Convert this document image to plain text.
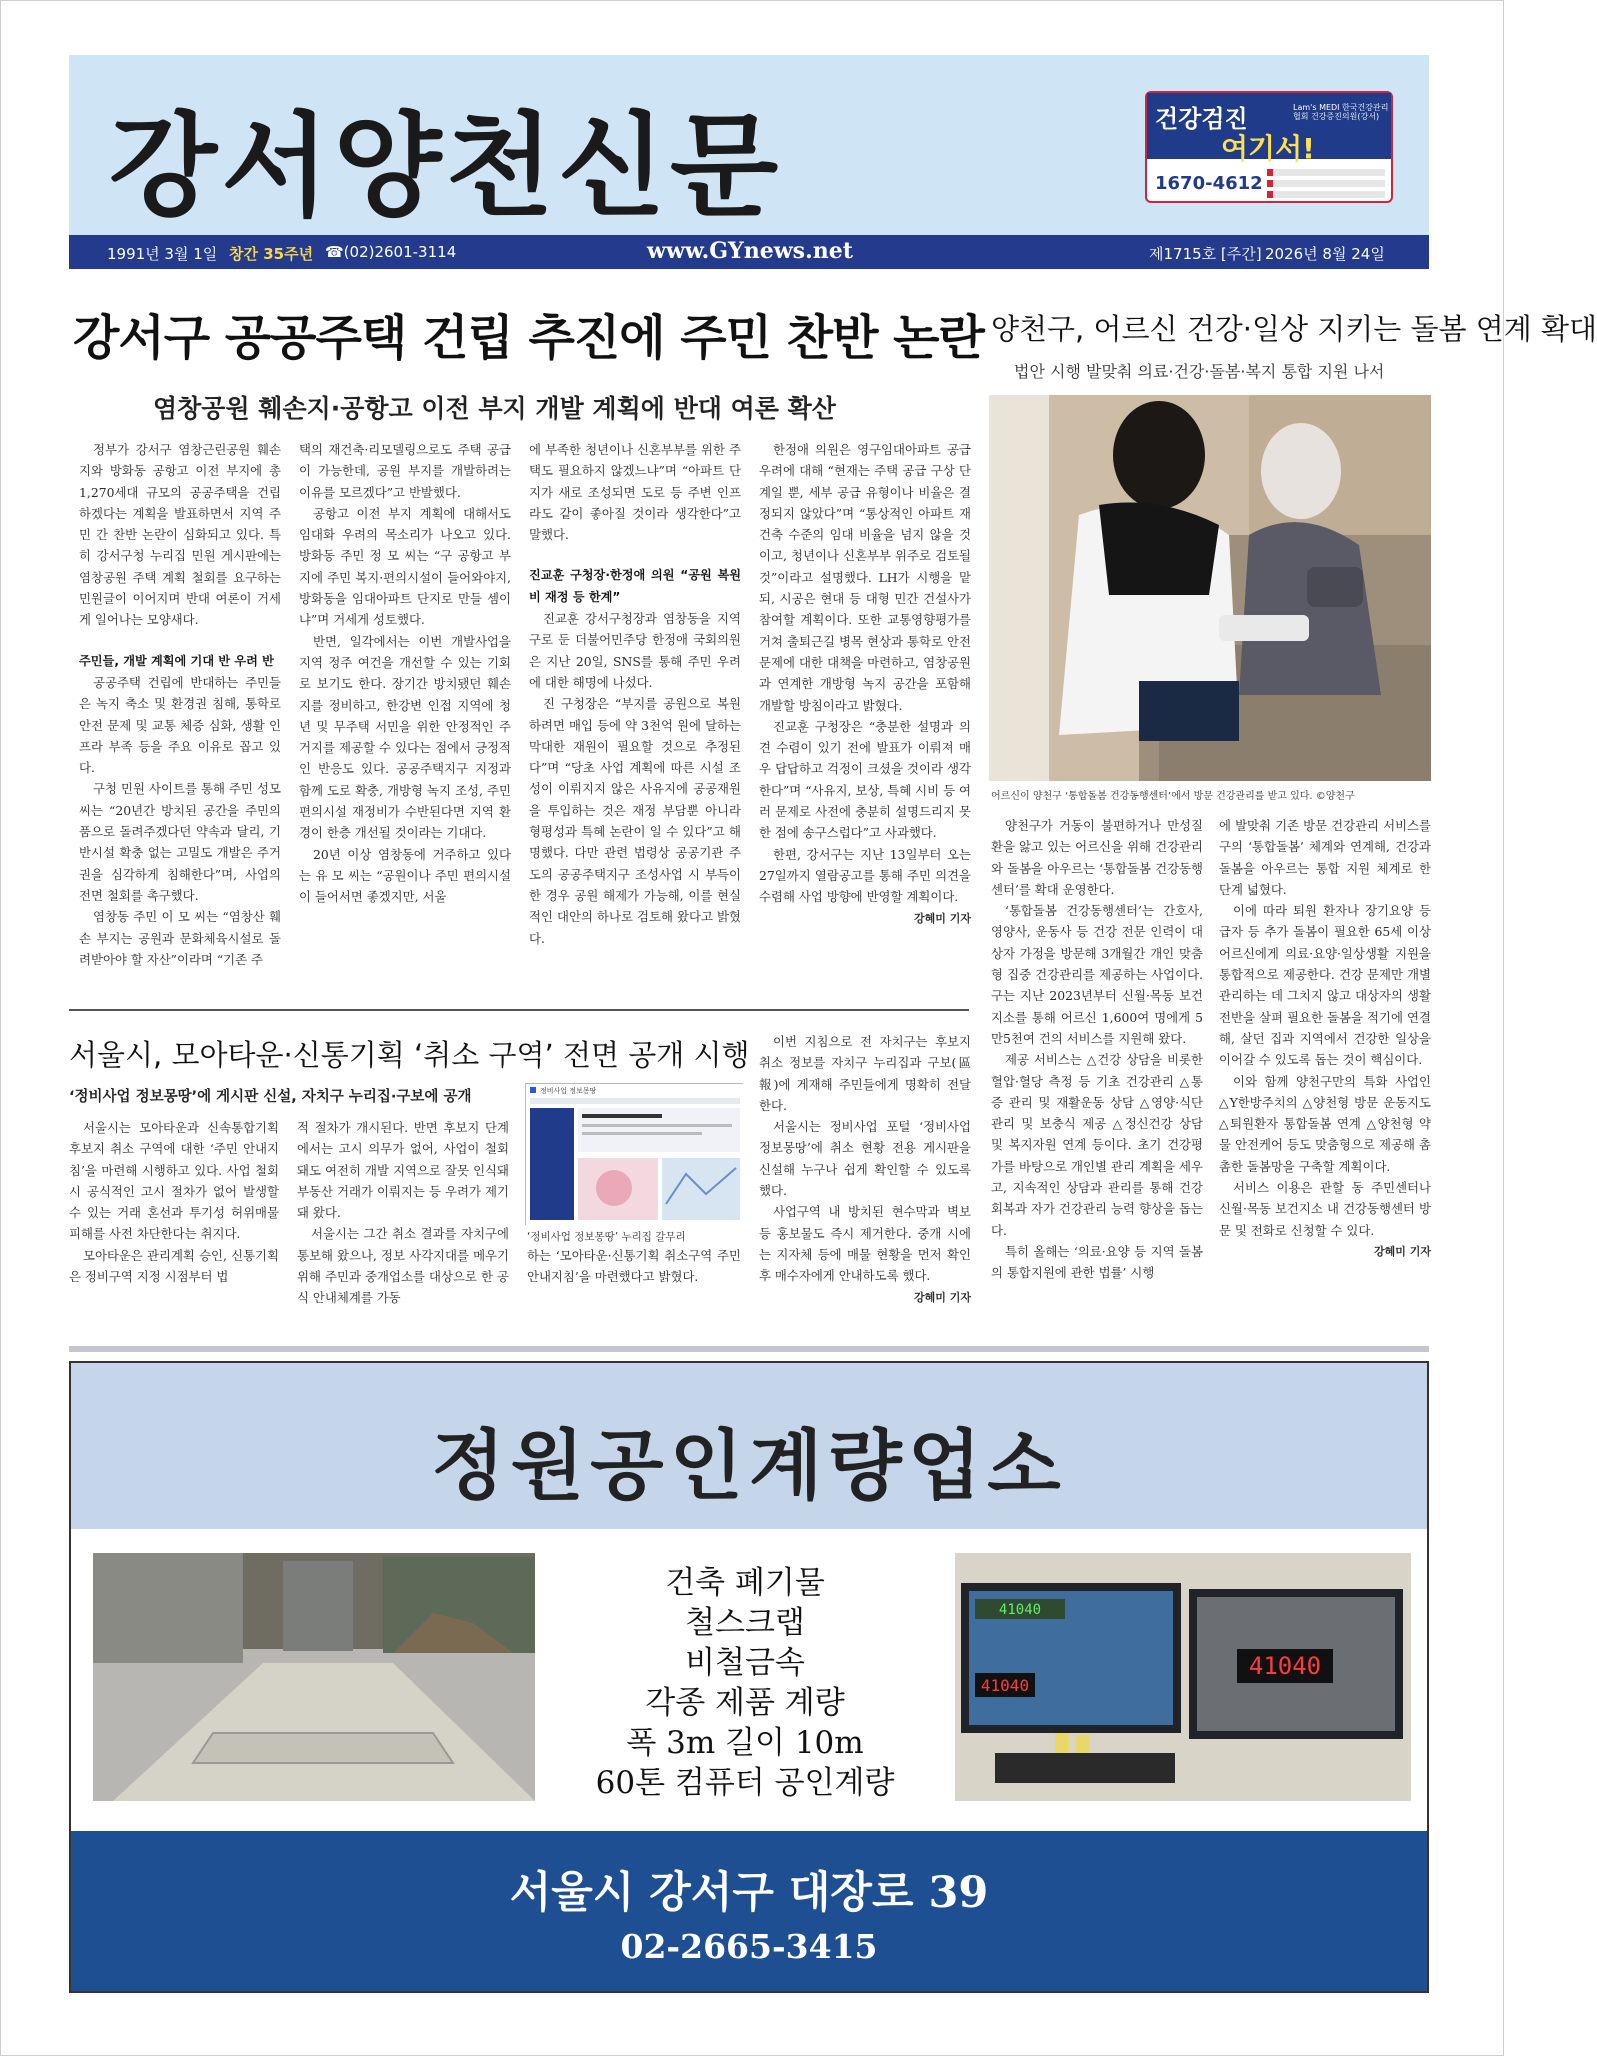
강서양천신문	건강검진
여기서!
Lam's MEDI 한국건강관리협회 건강증진의원(강서)
1670-4612
1991년 3월 1일 창간 35주년 ☎(02)2601-3114	www.GYnews.net	제1715호 [주간] 2026년 8월 24일
강서구 공공주택 건립 추진에 주민 찬반 논란
염창공원 훼손지·공항고 이전 부지 개발 계획에 반대 여론 확산

정부가 강서구 염창근린공원 훼손지와 방화동 공항고 이전 부지에 총 1,270세대 규모의 공공주택을 건립하겠다는 계획을 발표하면서 지역 주민 간 찬반 논란이 심화되고 있다. 특히 강서구청 누리집 민원 게시판에는 염창공원 주택 계획 철회를 요구하는 민원글이 이어지며 반대 여론이 거세게 일어나는 모양새다.

주민들, 개발 계획에 기대 반 우려 반

공공주택 건립에 반대하는 주민들은 녹지 축소 및 환경권 침해, 통학로 안전 문제 및 교통 체증 심화, 생활 인프라 부족 등을 주요 이유로 꼽고 있다.

구청 민원 사이트를 통해 주민 성모 씨는 “20년간 방치된 공간을 주민의 품으로 돌려주겠다던 약속과 달리, 기반시설 확충 없는 고밀도 개발은 주거권을 심각하게 침해한다”며, 사업의 전면 철회를 촉구했다.

염창동 주민 이 모 씨는 “염창산 훼손 부지는 공원과 문화체육시설로 돌려받아야 할 자산”이라며 “기존 주

택의 재건축·리모델링으로도 주택 공급이 가능한데, 공원 부지를 개발하려는 이유를 모르겠다”고 반발했다.

공항고 이전 부지 계획에 대해서도 임대화 우려의 목소리가 나오고 있다. 방화동 주민 정 모 씨는 “구 공항고 부지에 주민 복지·편의시설이 들어와야지, 방화동을 임대아파트 단지로 만들 셈이냐”며 거세게 성토했다.

반면, 일각에서는 이번 개발사업을 지역 정주 여건을 개선할 수 있는 기회로 보기도 한다. 장기간 방치됐던 훼손지를 정비하고, 한강변 인접 지역에 청년 및 무주택 서민을 위한 안정적인 주거지를 제공할 수 있다는 점에서 긍정적인 반응도 있다. 공공주택지구 지정과 함께 도로 확충, 개방형 녹지 조성, 주민 편의시설 재정비가 수반된다면 지역 환경이 한층 개선될 것이라는 기대다.

20년 이상 염창동에 거주하고 있다는 유 모 씨는 “공원이나 주민 편의시설이 들어서면 좋겠지만, 서울

에 부족한 청년이나 신혼부부를 위한 주택도 필요하지 않겠느냐”며 “아파트 단지가 새로 조성되면 도로 등 주변 인프라도 같이 좋아질 것이라 생각한다”고 말했다.

진교훈 구청장·한정애 의원 “공원 복원비 재정 등 한계”

진교훈 강서구청장과 염창동을 지역구로 둔 더불어민주당 한정애 국회의원은 지난 20일, SNS를 통해 주민 우려에 대한 해명에 나섰다.

진 구청장은 “부지를 공원으로 복원하려면 매입 등에 약 3천억 원에 달하는 막대한 재원이 필요할 것으로 추정된다”며 “당초 사업 계획에 따른 시설 조성이 이뤄지지 않은 사유지에 공공재원을 투입하는 것은 재정 부담뿐 아니라 형평성과 특혜 논란이 일 수 있다”고 해명했다. 다만 관련 법령상 공공기관 주도의 공공주택지구 조성사업 시 부득이한 경우 공원 해제가 가능해, 이를 현실적인 대안의 하나로 검토해 왔다고 밝혔다.

한정애 의원은 영구임대아파트 공급 우려에 대해 “현재는 주택 공급 구상 단계일 뿐, 세부 공급 유형이나 비율은 결정되지 않았다”며 “통상적인 아파트 재건축 수준의 임대 비율을 넘지 않을 것이고, 청년이나 신혼부부 위주로 검토될 것”이라고 설명했다. LH가 시행을 맡되, 시공은 현대 등 대형 민간 건설사가 참여할 계획이다. 또한 교통영향평가를 거쳐 출퇴근길 병목 현상과 통학로 안전 문제에 대한 대책을 마련하고, 염창공원과 연계한 개방형 녹지 공간을 포함해 개발할 방침이라고 밝혔다.

진교훈 구청장은 “충분한 설명과 의견 수렴이 있기 전에 발표가 이뤄져 매우 답답하고 걱정이 크셨을 것이라 생각한다”며 “사유지, 보상, 특혜 시비 등 여러 문제로 사전에 충분히 설명드리지 못한 점에 송구스럽다”고 사과했다.

한편, 강서구는 지난 13일부터 오는 27일까지 열람공고를 통해 주민 의견을 수렴해 사업 방향에 반영할 계획이다.

강혜미 기자
양천구, 어르신 건강·일상 지키는 돌봄 연계 확대
법안 시행 발맞춰 의료·건강·돌봄·복지 통합 지원 나서
어르신이 양천구 ‘통합돌봄 건강동행센터’에서 방문 건강관리를 받고 있다. ©양천구

양천구가 거동이 불편하거나 만성질환을 앓고 있는 어르신을 위해 건강관리와 돌봄을 아우르는 ‘통합돌봄 건강동행센터’를 확대 운영한다.

‘통합돌봄 건강동행센터’는 간호사, 영양사, 운동사 등 건강 전문 인력이 대상자 가정을 방문해 3개월간 개인 맞춤형 집중 건강관리를 제공하는 사업이다. 구는 지난 2023년부터 신월·목동 보건지소를 통해 어르신 1,600여 명에게 5만5천여 건의 서비스를 지원해 왔다.

제공 서비스는 △건강 상담을 비롯한 혈압·혈당 측정 등 기초 건강관리 △통증 관리 및 재활운동 상담 △영양·식단 관리 및 보충식 제공 △정신건강 상담 및 복지자원 연계 등이다. 초기 건강평가를 바탕으로 개인별 관리 계획을 세우고, 지속적인 상담과 관리를 통해 건강 회복과 자가 건강관리 능력 향상을 돕는다.

특히 올해는 ‘의료·요양 등 지역 돌봄의 통합지원에 관한 법률’ 시행

에 발맞춰 기존 방문 건강관리 서비스를 구의 ‘통합돌봄’ 체계와 연계해, 건강과 돌봄을 아우르는 통합 지원 체계로 한 단계 넓혔다.

이에 따라 퇴원 환자나 장기요양 등급자 등 추가 돌봄이 필요한 65세 이상 어르신에게 의료·요양·일상생활 지원을 통합적으로 제공한다. 건강 문제만 개별 관리하는 데 그치지 않고 대상자의 생활 전반을 살펴 필요한 돌봄을 적기에 연결해, 살던 집과 지역에서 건강한 일상을 이어갈 수 있도록 돕는 것이 핵심이다.

이와 함께 양천구만의 특화 사업인 △Y한방주치의 △양천형 방문 운동지도 △퇴원환자 통합돌봄 연계 △양천형 약물 안전케어 등도 맞춤형으로 제공해 촘촘한 돌봄망을 구축할 계획이다.

서비스 이용은 관할 동 주민센터나 신월·목동 보건지소 내 건강동행센터 방문 및 전화로 신청할 수 있다.

강혜미 기자
서울시, 모아타운·신통기획 ‘취소 구역’ 전면 공개 시행
‘정비사업 정보몽땅’에 게시판 신설, 자치구 누리집·구보에 공개

서울시는 모아타운과 신속통합기획 후보지 취소 구역에 대한 ‘주민 안내지침’을 마련해 시행하고 있다. 사업 철회 시 공식적인 고시 절차가 없어 발생할 수 있는 거래 혼선과 투기성 허위매물 피해를 사전 차단한다는 취지다.

모아타운은 관리계획 승인, 신통기획은 정비구역 지정 시점부터 법

적 절차가 개시된다. 반면 후보지 단계에서는 고시 의무가 없어, 사업이 철회돼도 여전히 개발 지역으로 잘못 인식돼 부동산 거래가 이뤄지는 등 우려가 제기돼 왔다.

서울시는 그간 취소 결과를 자치구에 통보해 왔으나, 정보 사각지대를 메우기 위해 주민과 중개업소를 대상으로 한 공식 안내체계를 가동

정비사업 정보몽땅
‘정비사업 정보몽땅’ 누리집 갈무리

하는 ‘모아타운·신통기획 취소구역 주민 안내지침’을 마련했다고 밝혔다.

이번 지침으로 전 자치구는 후보지 취소 정보를 자치구 누리집과 구보(區報)에 게재해 주민들에게 명확히 전달한다.

서울시는 정비사업 포털 ‘정비사업 정보몽땅’에 취소 현황 전용 게시판을 신설해 누구나 쉽게 확인할 수 있도록 했다.

사업구역 내 방치된 현수막과 벽보 등 홍보물도 즉시 제거한다. 중개 시에는 지자체 등에 매물 현황을 먼저 확인 후 매수자에게 안내하도록 했다.

강혜미 기자
정원공인계량업소
건축 폐기물
철스크랩
비철금속
각종 제품 계량
폭 3m 길이 10m
60톤 컴퓨터 공인계량
41040
41040
41040
서울시 강서구 대장로 39
02-2665-3415
